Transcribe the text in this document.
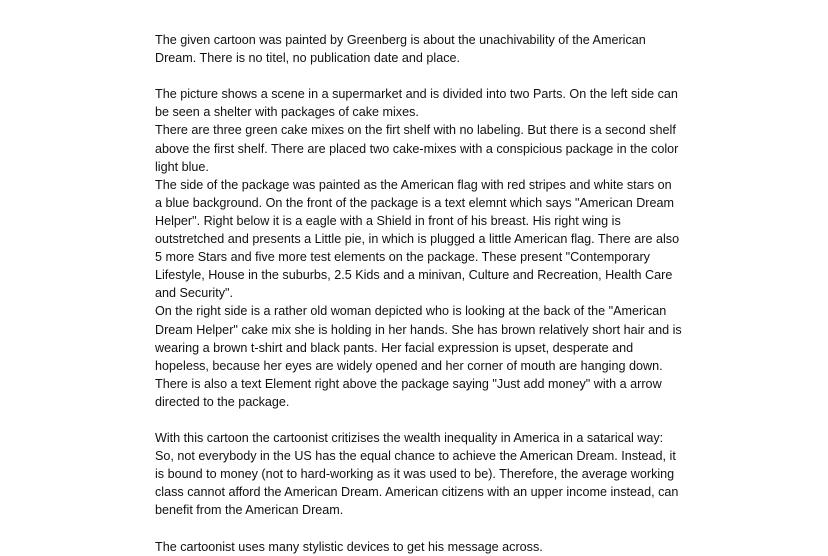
The given cartoon was painted by Greenberg is about the unachivability of the American
Dream. There is no titel, no publication date and place.
The picture shows a scene in a supermarket and is divided into two Parts. On the left side can
be seen a shelter with packages of cake mixes.
There are three green cake mixes on the firt shelf with no labeling. But there is a second shelf
above the first shelf. There are placed two cake-mixes with a conspicious package in the color
light blue.
The side of the package was painted as the American flag with red stripes and white stars on
a blue background. On the front of the package is a text elemnt which says "American Dream
Helper". Right below it is a eagle with a Shield in front of his breast. His right wing is
outstretched and presents a Little pie, in which is plugged a little American flag. There are also
5 more Stars and five more test elements on the package. These present "Contemporary
Lifestyle, House in the suburbs, 2.5 Kids and a minivan, Culture and Recreation, Health Care
and Security".
On the right side is a rather old woman depicted who is looking at the back of the "American
Dream Helper" cake mix she is holding in her hands. She has brown relatively short hair and is
wearing a brown t-shirt and black pants. Her facial expression is upset, desperate and
hopeless, because her eyes are widely opened and her corner of mouth are hanging down.
There is also a text Element right above the package saying "Just add money" with a arrow
directed to the package.
With this cartoon the cartoonist critizises the wealth inequality in America in a satarical way:
So, not everybody in the US has the equal chance to achieve the American Dream. Instead, it
is bound to money (not to hard-working as it was used to be). Therefore, the average working
class cannot afford the American Dream. American citizens with an upper income instead, can
benefit from the American Dream.
The cartoonist uses many stylistic devices to get his message across.
